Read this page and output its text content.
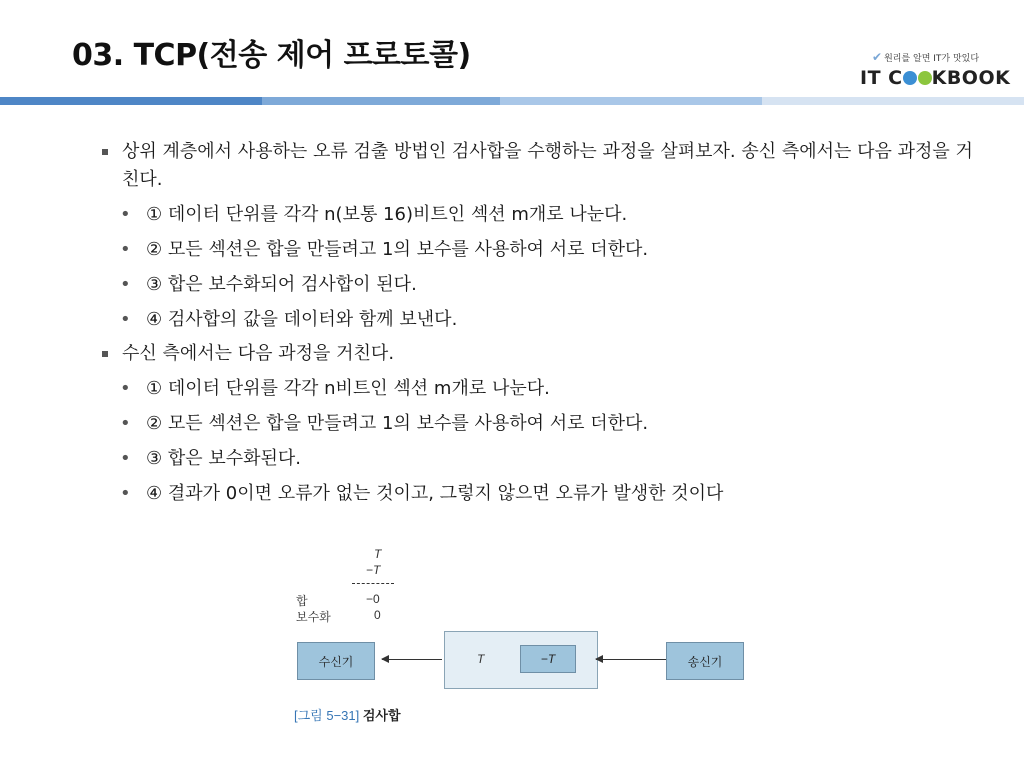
03. TCP(전송 제어 프로토콜)	✔ 원리를 알면 IT가 맛있다
IT C KBOOK
상위 계층에서 사용하는 오류 검출 방법인 검사합을 수행하는 과정을 살펴보자. 송신 측에서는 다음 과정을 거친다.
• ① 데이터 단위를 각각 n(보통 16)비트인 섹션 m개로 나눈다.
• ② 모든 섹션은 합을 만들려고 1의 보수를 사용하여 서로 더한다.
• ③ 합은 보수화되어 검사합이 된다.
• ④ 검사합의 값을 데이터와 함께 보낸다.
수신 측에서는 다음 과정을 거친다.
• ① 데이터 단위를 각각 n비트인 섹션 m개로 나눈다.
• ② 모든 섹션은 합을 만들려고 1의 보수를 사용하여 서로 더한다.
• ③ 합은 보수화된다.
• ④ 결과가 0이면 오류가 없는 것이고, 그렇지 않으면 오류가 발생한 것이다
T
−T
합	−0
보수화	0
수신기	T	−T	송신기
[그림 5−31] 검사합
